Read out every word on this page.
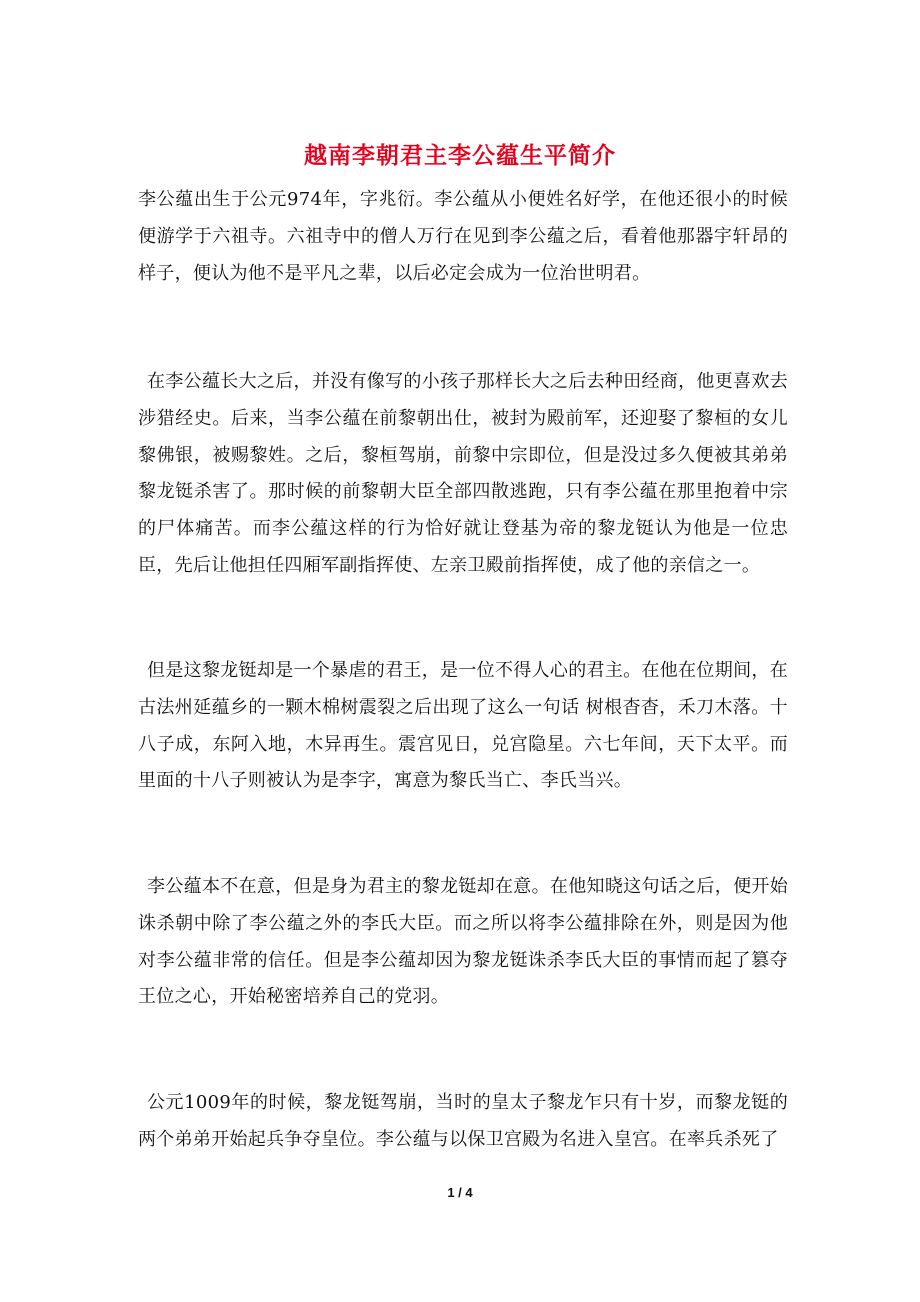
越南李朝君主李公蕴生平简介

李公蕴出生于公元974年，字兆衍。李公蕴从小便姓名好学，在他还很小的时候便游学于六祖寺。六祖寺中的僧人万行在见到李公蕴之后，看着他那器宇轩昂的样子，便认为他不是平凡之辈，以后必定会成为一位治世明君。

在李公蕴长大之后，并没有像写的小孩子那样长大之后去种田经商，他更喜欢去涉猎经史。后来，当李公蕴在前黎朝出仕，被封为殿前军，还迎娶了黎桓的女儿黎佛银，被赐黎姓。之后，黎桓驾崩，前黎中宗即位，但是没过多久便被其弟弟黎龙铤杀害了。那时候的前黎朝大臣全部四散逃跑，只有李公蕴在那里抱着中宗的尸体痛苦。而李公蕴这样的行为恰好就让登基为帝的黎龙铤认为他是一位忠臣，先后让他担任四厢军副指挥使、左亲卫殿前指挥使，成了他的亲信之一。

但是这黎龙铤却是一个暴虐的君王，是一位不得人心的君主。在他在位期间，在古法州延蕴乡的一颗木棉树震裂之后出现了这么一句话 树根杳杳，禾刀木落。十八子成，东阿入地，木异再生。震宫见日，兑宫隐星。六七年间，天下太平。而里面的十八子则被认为是李字，寓意为黎氏当亡、李氏当兴。

李公蕴本不在意，但是身为君主的黎龙铤却在意。在他知晓这句话之后，便开始诛杀朝中除了李公蕴之外的李氏大臣。而之所以将李公蕴排除在外，则是因为他对李公蕴非常的信任。但是李公蕴却因为黎龙铤诛杀李氏大臣的事情而起了篡夺王位之心，开始秘密培养自己的党羽。

公元1009年的时候，黎龙铤驾崩，当时的皇太子黎龙乍只有十岁，而黎龙铤的两个弟弟开始起兵争夺皇位。李公蕴与以保卫宫殿为名进入皇宫。在率兵杀死了

1 / 4
